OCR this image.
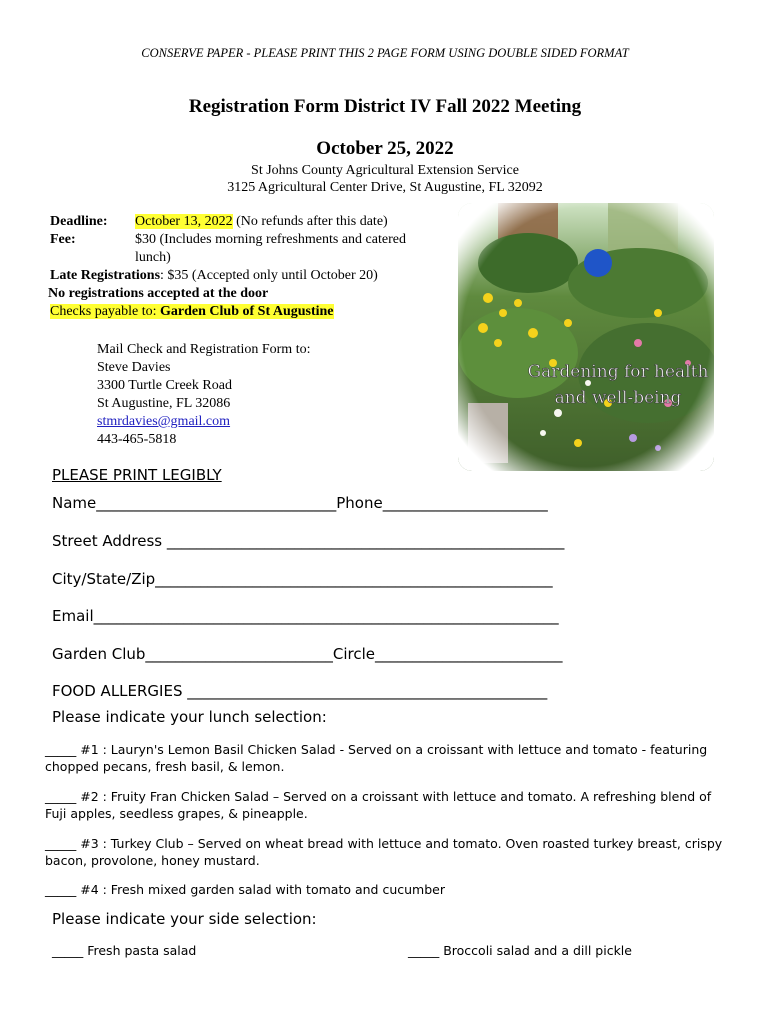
CONSERVE PAPER - PLEASE PRINT THIS 2 PAGE FORM USING DOUBLE SIDED FORMAT
Registration Form District IV Fall 2022 Meeting
October 25, 2022
St Johns County Agricultural Extension Service
3125 Agricultural Center Drive, St Augustine, FL 32092
Deadline:	October 13, 2022 (No refunds after this date)
Fee:	$30 (Includes morning refreshments and catered lunch)
Late Registrations: $35 (Accepted only until October 20)
No registrations accepted at the door
Checks payable to: Garden Club of St Augustine
Mail Check and Registration Form to:
Steve Davies
3300 Turtle Creek Road
St Augustine, FL 32086
stmrdavies@gmail.com
443-465-5818
PLEASE PRINT LEGIBLY
Name________________________________Phone______________________
Street Address _____________________________________________________
City/State/Zip_____________________________________________________
Email______________________________________________________________
Garden Club_________________________Circle_________________________
FOOD ALLERGIES ________________________________________________
Please indicate your lunch selection:
_____ #1 : Lauryn's Lemon Basil Chicken Salad - Served on a croissant with lettuce and tomato - featuring chopped pecans, fresh basil, & lemon.
_____ #2 : Fruity Fran Chicken Salad – Served on a croissant with lettuce and tomato. A refreshing blend of Fuji apples, seedless grapes, & pineapple.
_____ #3 : Turkey Club – Served on wheat bread with lettuce and tomato. Oven roasted turkey breast, crispy bacon, provolone, honey mustard.
_____ #4 : Fresh mixed garden salad with tomato and cucumber
Please indicate your side selection:
_____ Fresh pasta salad	_____ Broccoli salad and a dill pickle
